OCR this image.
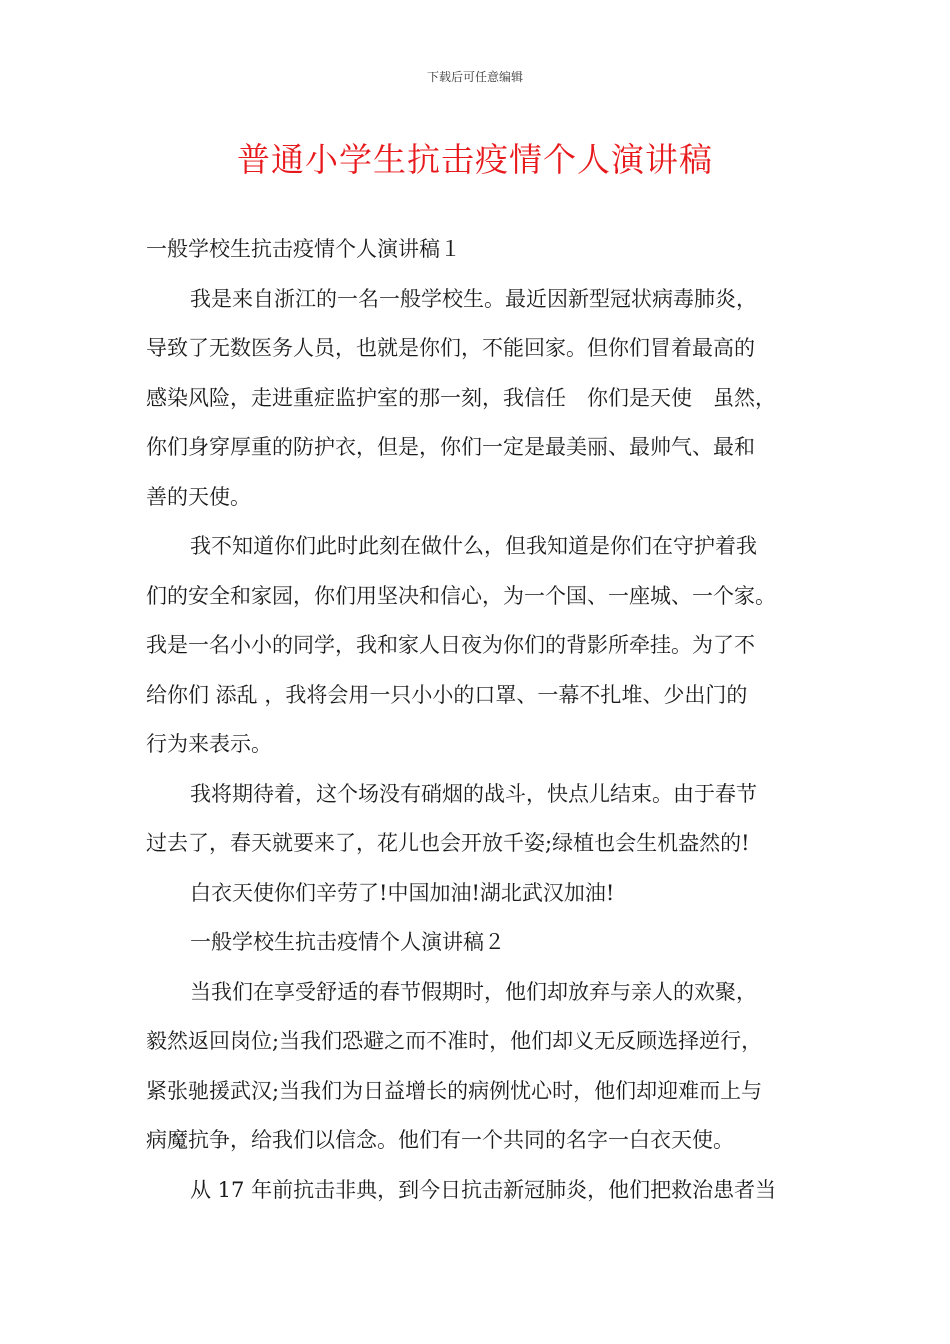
下载后可任意编辑
普通小学生抗击疫情个人演讲稿
一般学校生抗击疫情个人演讲稿１
我是来自浙江的一名一般学校生。最近因新型冠状病毒肺炎，
导致了无数医务人员，也就是你们，不能回家。但你们冒着最高的
感染风险，走进重症监护室的那一刻，我信任　你们是天使　虽然，
你们身穿厚重的防护衣，但是，你们一定是最美丽、最帅气、最和
善的天使。
我不知道你们此时此刻在做什么，但我知道是你们在守护着我
们的安全和家园，你们用坚决和信心，为一个国、一座城、一个家。
我是一名小小的同学，我和家人日夜为你们的背影所牵挂。为了不
给你们 添乱 ，我将会用一只小小的口罩、一幕不扎堆、少出门的
行为来表示。
我将期待着，这个场没有硝烟的战斗，快点儿结束。由于春节
过去了，春天就要来了，花儿也会开放千姿;绿植也会生机盎然的!
白衣天使你们辛劳了!中国加油!湖北武汉加油!
一般学校生抗击疫情个人演讲稿２
当我们在享受舒适的春节假期时，他们却放弃与亲人的欢聚，
毅然返回岗位;当我们恐避之而不准时，他们却义无反顾选择逆行，
紧张驰援武汉;当我们为日益增长的病例忧心时，他们却迎难而上与
病魔抗争，给我们以信念。他们有一个共同的名字一白衣天使。
从 17 年前抗击非典，到今日抗击新冠肺炎，他们把救治患者当
